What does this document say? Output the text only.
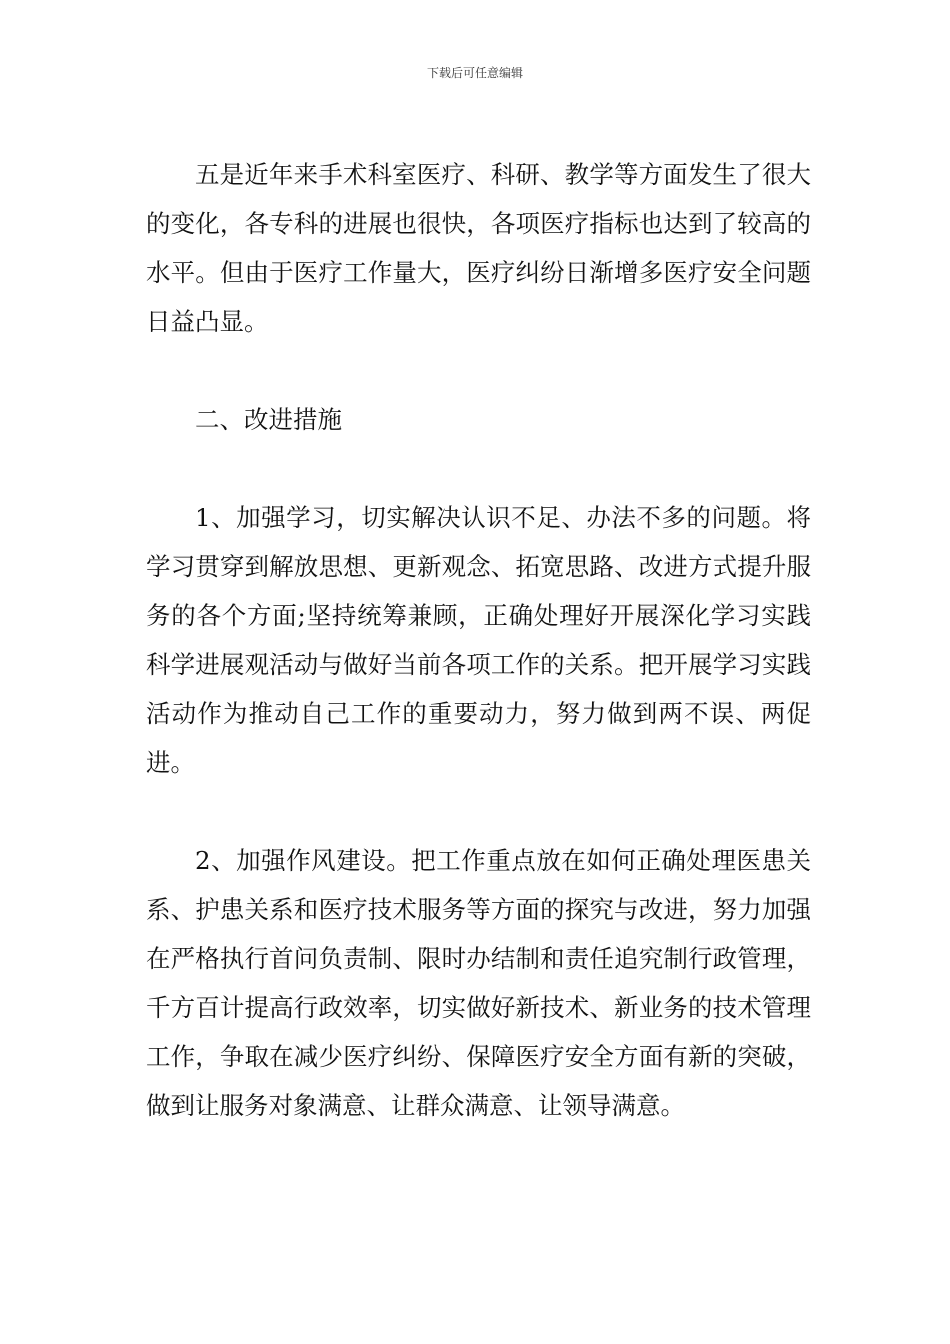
下载后可任意编辑

五是近年来手术科室医疗、科研、教学等方面发生了很大的变化，各专科的进展也很快，各项医疗指标也达到了较高的水平。但由于医疗工作量大，医疗纠纷日渐增多医疗安全问题日益凸显。

二、改进措施

1、加强学习，切实解决认识不足、办法不多的问题。将学习贯穿到解放思想、更新观念、拓宽思路、改进方式提升服务的各个方面;坚持统筹兼顾，正确处理好开展深化学习实践科学进展观活动与做好当前各项工作的关系。把开展学习实践活动作为推动自己工作的重要动力，努力做到两不误、两促进。

2、加强作风建设。把工作重点放在如何正确处理医患关系、护患关系和医疗技术服务等方面的探究与改进，努力加强在严格执行首问负责制、限时办结制和责任追究制行政管理，千方百计提高行政效率，切实做好新技术、新业务的技术管理工作，争取在减少医疗纠纷、保障医疗安全方面有新的突破，做到让服务对象满意、让群众满意、让领导满意。
